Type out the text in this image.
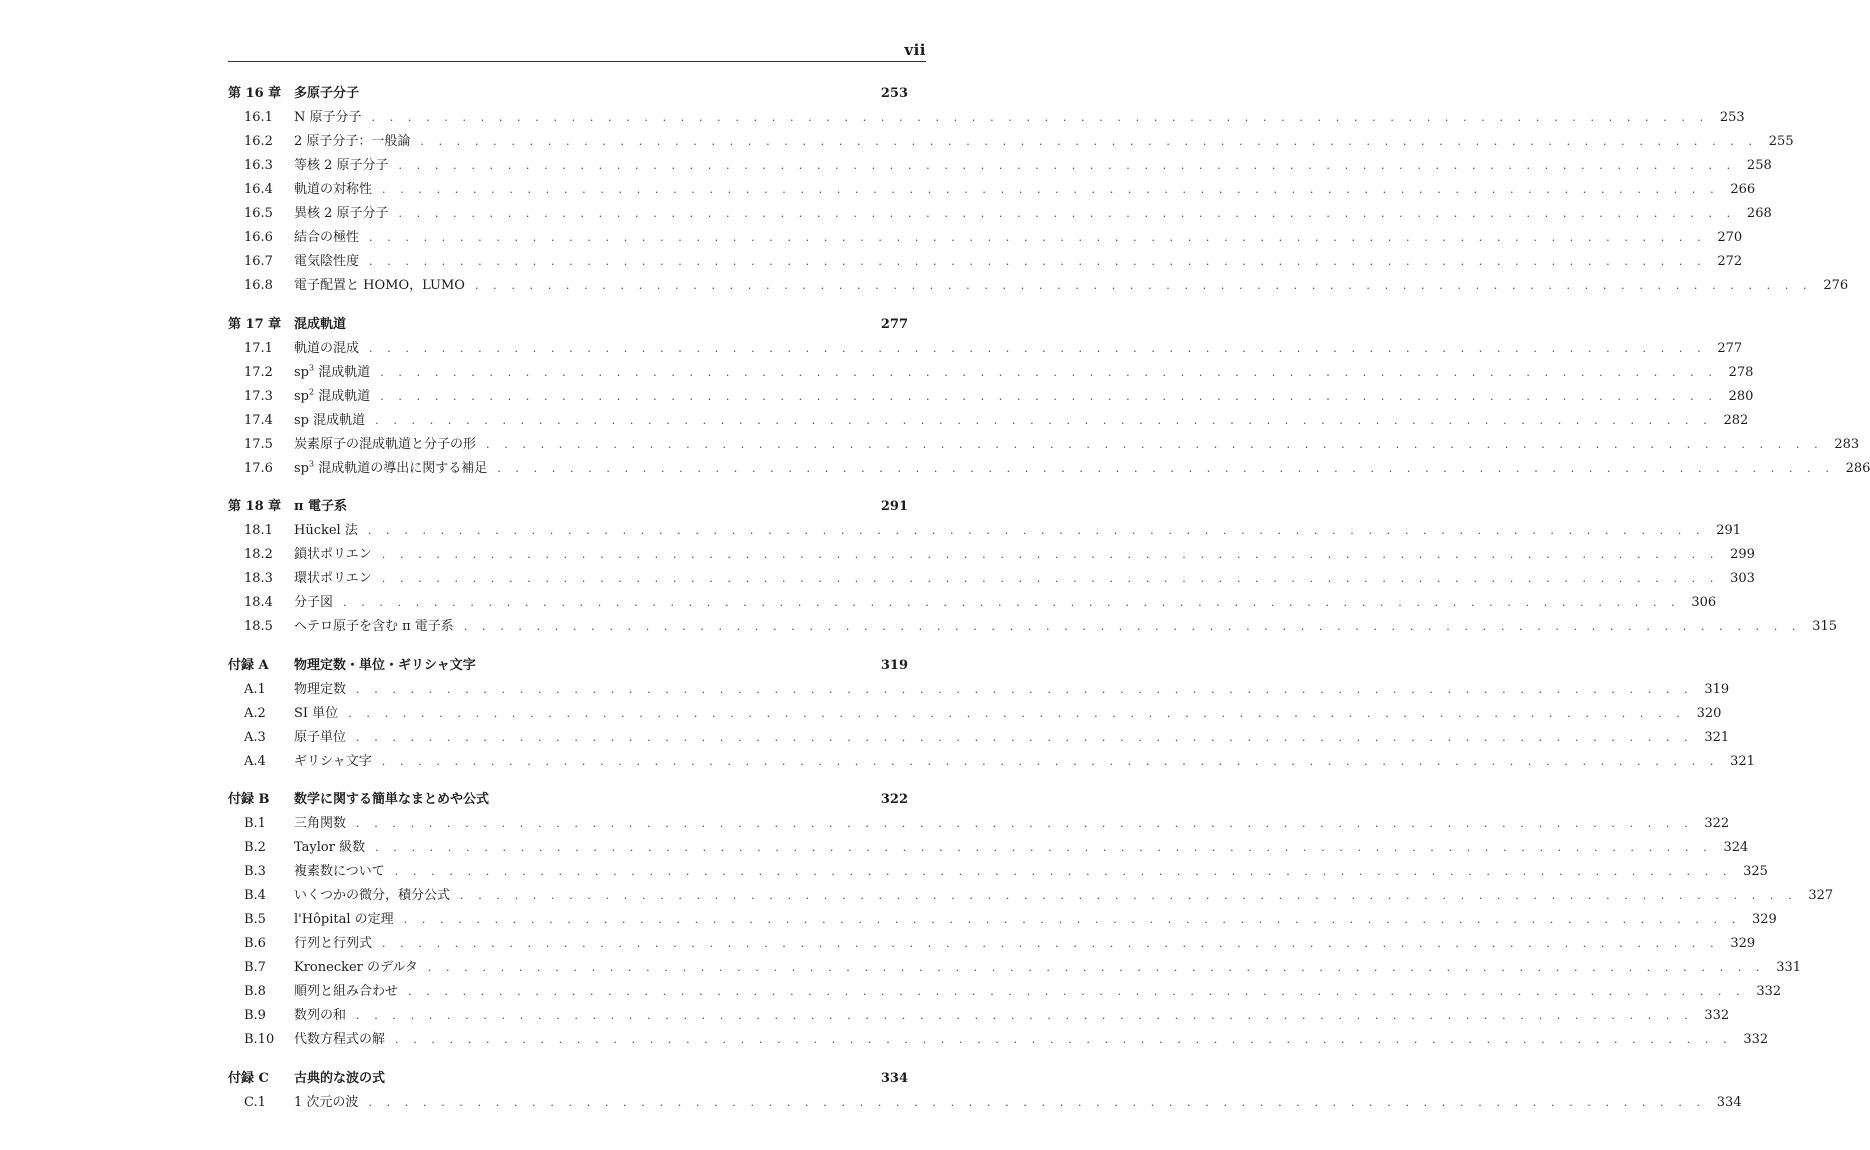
vii
第 16 章 多原子分子	253
16.1	N 原子分子 . . . . . . . . . . . . . . . . . . . . . . . . . . . . . . . . . . . . . . . . . . . . . . . . . . . . . . . . . . . . . . . . . . . . . . . . . . 253
16.2	2 原子分子：一般論 . . . . . . . . . . . . . . . . . . . . . . . . . . . . . . . . . . . . . . . . . . . . . . . . . . . . . . . . . . . . . . . . . . . . . . . . . . 255
16.3	等核 2 原子分子 . . . . . . . . . . . . . . . . . . . . . . . . . . . . . . . . . . . . . . . . . . . . . . . . . . . . . . . . . . . . . . . . . . . . . . . . . . 258
16.4	軌道の対称性 . . . . . . . . . . . . . . . . . . . . . . . . . . . . . . . . . . . . . . . . . . . . . . . . . . . . . . . . . . . . . . . . . . . . . . . . . . 266
16.5	異核 2 原子分子 . . . . . . . . . . . . . . . . . . . . . . . . . . . . . . . . . . . . . . . . . . . . . . . . . . . . . . . . . . . . . . . . . . . . . . . . . . 268
16.6	結合の極性 . . . . . . . . . . . . . . . . . . . . . . . . . . . . . . . . . . . . . . . . . . . . . . . . . . . . . . . . . . . . . . . . . . . . . . . . . . 270
16.7	電気陰性度 . . . . . . . . . . . . . . . . . . . . . . . . . . . . . . . . . . . . . . . . . . . . . . . . . . . . . . . . . . . . . . . . . . . . . . . . . . 272
16.8	電子配置と HOMO，LUMO . . . . . . . . . . . . . . . . . . . . . . . . . . . . . . . . . . . . . . . . . . . . . . . . . . . . . . . . . . . . . . . . . . . . . . . . . . 276
第 17 章 混成軌道	277
17.1	軌道の混成 . . . . . . . . . . . . . . . . . . . . . . . . . . . . . . . . . . . . . . . . . . . . . . . . . . . . . . . . . . . . . . . . . . . . . . . . . . 277
17.2	$sp^3$ 混成軌道 . . . . . . . . . . . . . . . . . . . . . . . . . . . . . . . . . . . . . . . . . . . . . . . . . . . . . . . . . . . . . . . . . . . . . . . . . . 278
17.3	$sp^2$ 混成軌道 . . . . . . . . . . . . . . . . . . . . . . . . . . . . . . . . . . . . . . . . . . . . . . . . . . . . . . . . . . . . . . . . . . . . . . . . . . 280
17.4	sp 混成軌道 . . . . . . . . . . . . . . . . . . . . . . . . . . . . . . . . . . . . . . . . . . . . . . . . . . . . . . . . . . . . . . . . . . . . . . . . . . 282
17.5	炭素原子の混成軌道と分子の形 . . . . . . . . . . . . . . . . . . . . . . . . . . . . . . . . . . . . . . . . . . . . . . . . . . . . . . . . . . . . . . . . . . . . . . . . . . 283
17.6	$sp^3$ 混成軌道の導出に関する補足 . . . . . . . . . . . . . . . . . . . . . . . . . . . . . . . . . . . . . . . . . . . . . . . . . . . . . . . . . . . . . . . . . . . . . . . . . . 286
第 18 章 π 電子系	291
18.1	Hückel 法 . . . . . . . . . . . . . . . . . . . . . . . . . . . . . . . . . . . . . . . . . . . . . . . . . . . . . . . . . . . . . . . . . . . . . . . . . . 291
18.2	鎖状ポリエン . . . . . . . . . . . . . . . . . . . . . . . . . . . . . . . . . . . . . . . . . . . . . . . . . . . . . . . . . . . . . . . . . . . . . . . . . . 299
18.3	環状ポリエン . . . . . . . . . . . . . . . . . . . . . . . . . . . . . . . . . . . . . . . . . . . . . . . . . . . . . . . . . . . . . . . . . . . . . . . . . . 303
18.4	分子図 . . . . . . . . . . . . . . . . . . . . . . . . . . . . . . . . . . . . . . . . . . . . . . . . . . . . . . . . . . . . . . . . . . . . . . . . . . 306
18.5	ヘテロ原子を含む π 電子系 . . . . . . . . . . . . . . . . . . . . . . . . . . . . . . . . . . . . . . . . . . . . . . . . . . . . . . . . . . . . . . . . . . . . . . . . . . 315
付録 A	物理定数・単位・ギリシャ文字	319
A.1	物理定数 . . . . . . . . . . . . . . . . . . . . . . . . . . . . . . . . . . . . . . . . . . . . . . . . . . . . . . . . . . . . . . . . . . . . . . . . . . 319
A.2	SI 単位 . . . . . . . . . . . . . . . . . . . . . . . . . . . . . . . . . . . . . . . . . . . . . . . . . . . . . . . . . . . . . . . . . . . . . . . . . . 320
A.3	原子単位 . . . . . . . . . . . . . . . . . . . . . . . . . . . . . . . . . . . . . . . . . . . . . . . . . . . . . . . . . . . . . . . . . . . . . . . . . . 321
A.4	ギリシャ文字 . . . . . . . . . . . . . . . . . . . . . . . . . . . . . . . . . . . . . . . . . . . . . . . . . . . . . . . . . . . . . . . . . . . . . . . . . . 321
付録 B	数学に関する簡単なまとめや公式	322
B.1	三角関数 . . . . . . . . . . . . . . . . . . . . . . . . . . . . . . . . . . . . . . . . . . . . . . . . . . . . . . . . . . . . . . . . . . . . . . . . . . 322
B.2	Taylor 級数 . . . . . . . . . . . . . . . . . . . . . . . . . . . . . . . . . . . . . . . . . . . . . . . . . . . . . . . . . . . . . . . . . . . . . . . . . . 324
B.3	複素数について . . . . . . . . . . . . . . . . . . . . . . . . . . . . . . . . . . . . . . . . . . . . . . . . . . . . . . . . . . . . . . . . . . . . . . . . . . 325
B.4	いくつかの微分，積分公式 . . . . . . . . . . . . . . . . . . . . . . . . . . . . . . . . . . . . . . . . . . . . . . . . . . . . . . . . . . . . . . . . . . . . . . . . . . 327
B.5	l'Hôpital の定理 . . . . . . . . . . . . . . . . . . . . . . . . . . . . . . . . . . . . . . . . . . . . . . . . . . . . . . . . . . . . . . . . . . . . . . . . . . 329
B.6	行列と行列式 . . . . . . . . . . . . . . . . . . . . . . . . . . . . . . . . . . . . . . . . . . . . . . . . . . . . . . . . . . . . . . . . . . . . . . . . . . 329
B.7	Kronecker のデルタ . . . . . . . . . . . . . . . . . . . . . . . . . . . . . . . . . . . . . . . . . . . . . . . . . . . . . . . . . . . . . . . . . . . . . . . . . . 331
B.8	順列と組み合わせ . . . . . . . . . . . . . . . . . . . . . . . . . . . . . . . . . . . . . . . . . . . . . . . . . . . . . . . . . . . . . . . . . . . . . . . . . . 332
B.9	数列の和 . . . . . . . . . . . . . . . . . . . . . . . . . . . . . . . . . . . . . . . . . . . . . . . . . . . . . . . . . . . . . . . . . . . . . . . . . . 332
B.10	代数方程式の解 . . . . . . . . . . . . . . . . . . . . . . . . . . . . . . . . . . . . . . . . . . . . . . . . . . . . . . . . . . . . . . . . . . . . . . . . . . 332
付録 C	古典的な波の式	334
C.1	1 次元の波 . . . . . . . . . . . . . . . . . . . . . . . . . . . . . . . . . . . . . . . . . . . . . . . . . . . . . . . . . . . . . . . . . . . . . . . . . . 334
